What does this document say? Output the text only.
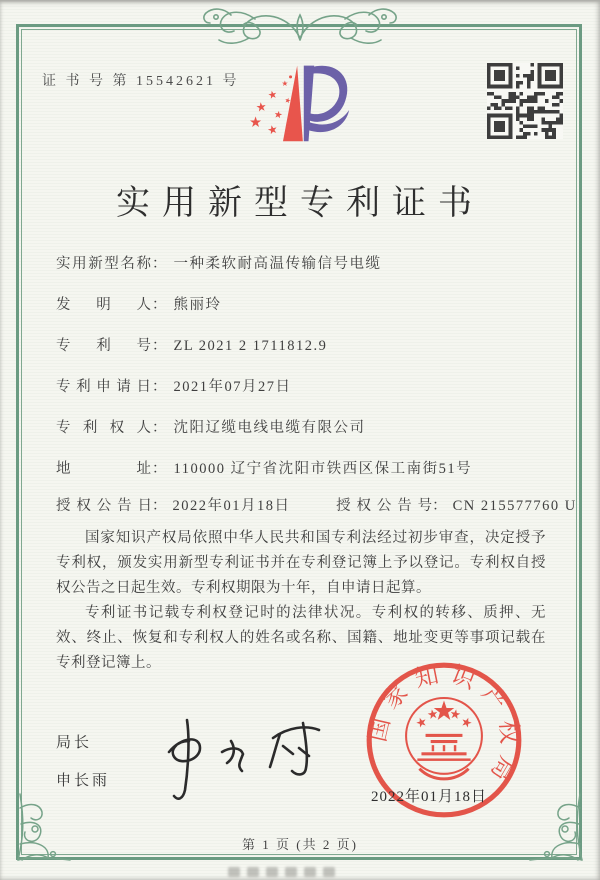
证 书 号 第 15542621 号
实用新型专利证书
实用新型名称： 一种柔软耐高温传输信号电缆
发明人： 熊丽玲
专利号： ZL 2021 2 1711812.9
专利申请日： 2021年07月27日
专利权人： 沈阳辽缆电线电缆有限公司
地址： 110000 辽宁省沈阳市铁西区保工南街51号
授权公告日： 2022年01月18日	授权公告号： CN 215577760 U

国家知识产权局依照中华人民共和国专利法经过初步审查，决定授予专利权，颁发实用新型专利证书并在专利登记簿上予以登记。专利权自授权公告之日起生效。专利权期限为十年，自申请日起算。

专利证书记载专利权登记时的法律状况。专利权的转移、质押、无效、终止、恢复和专利权人的姓名或名称、国籍、地址变更等事项记载在专利登记簿上。

局长
申长雨
国家知识产权局
2022年01月18日
第 1 页 (共 2 页)
